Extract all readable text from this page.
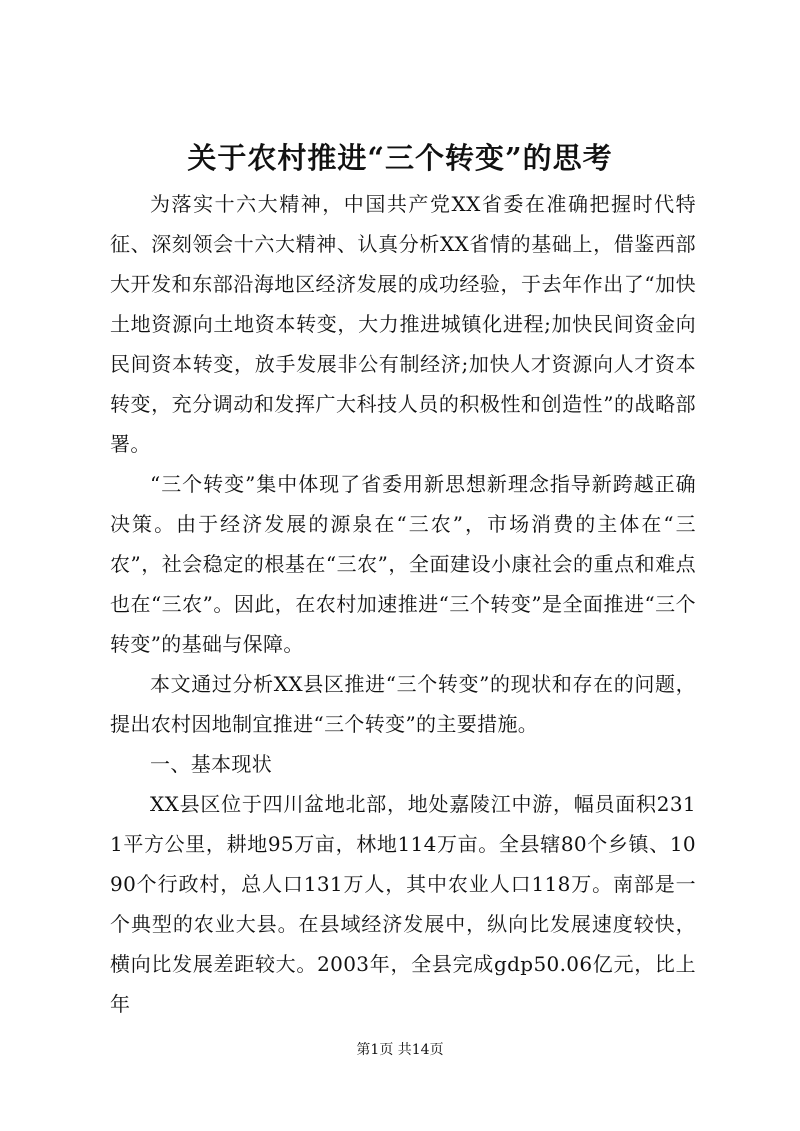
关于农村推进“三个转变”的思考

为落实十六大精神，中国共产党XX省委在准确把握时代特征、深刻领会十六大精神、认真分析XX省情的基础上，借鉴西部大开发和东部沿海地区经济发展的成功经验，于去年作出了“加快土地资源向土地资本转变，大力推进城镇化进程;加快民间资金向民间资本转变，放手发展非公有制经济;加快人才资源向人才资本转变，充分调动和发挥广大科技人员的积极性和创造性”的战略部署。

“三个转变”集中体现了省委用新思想新理念指导新跨越正确决策。由于经济发展的源泉在“三农”，市场消费的主体在“三农”，社会稳定的根基在“三农”，全面建设小康社会的重点和难点也在“三农”。因此，在农村加速推进“三个转变”是全面推进“三个转变”的基础与保障。

本文通过分析XX县区推进“三个转变”的现状和存在的问题，提出农村因地制宜推进“三个转变”的主要措施。

一、基本现状

XX县区位于四川盆地北部，地处嘉陵江中游，幅员面积2311平方公里，耕地95万亩，林地114万亩。全县辖80个乡镇、1090个行政村，总人口131万人，其中农业人口118万。南部是一个典型的农业大县。在县域经济发展中，纵向比发展速度较快，横向比发展差距较大。2003年，全县完成gdp50.06亿元，比上年

第1页 共14页
